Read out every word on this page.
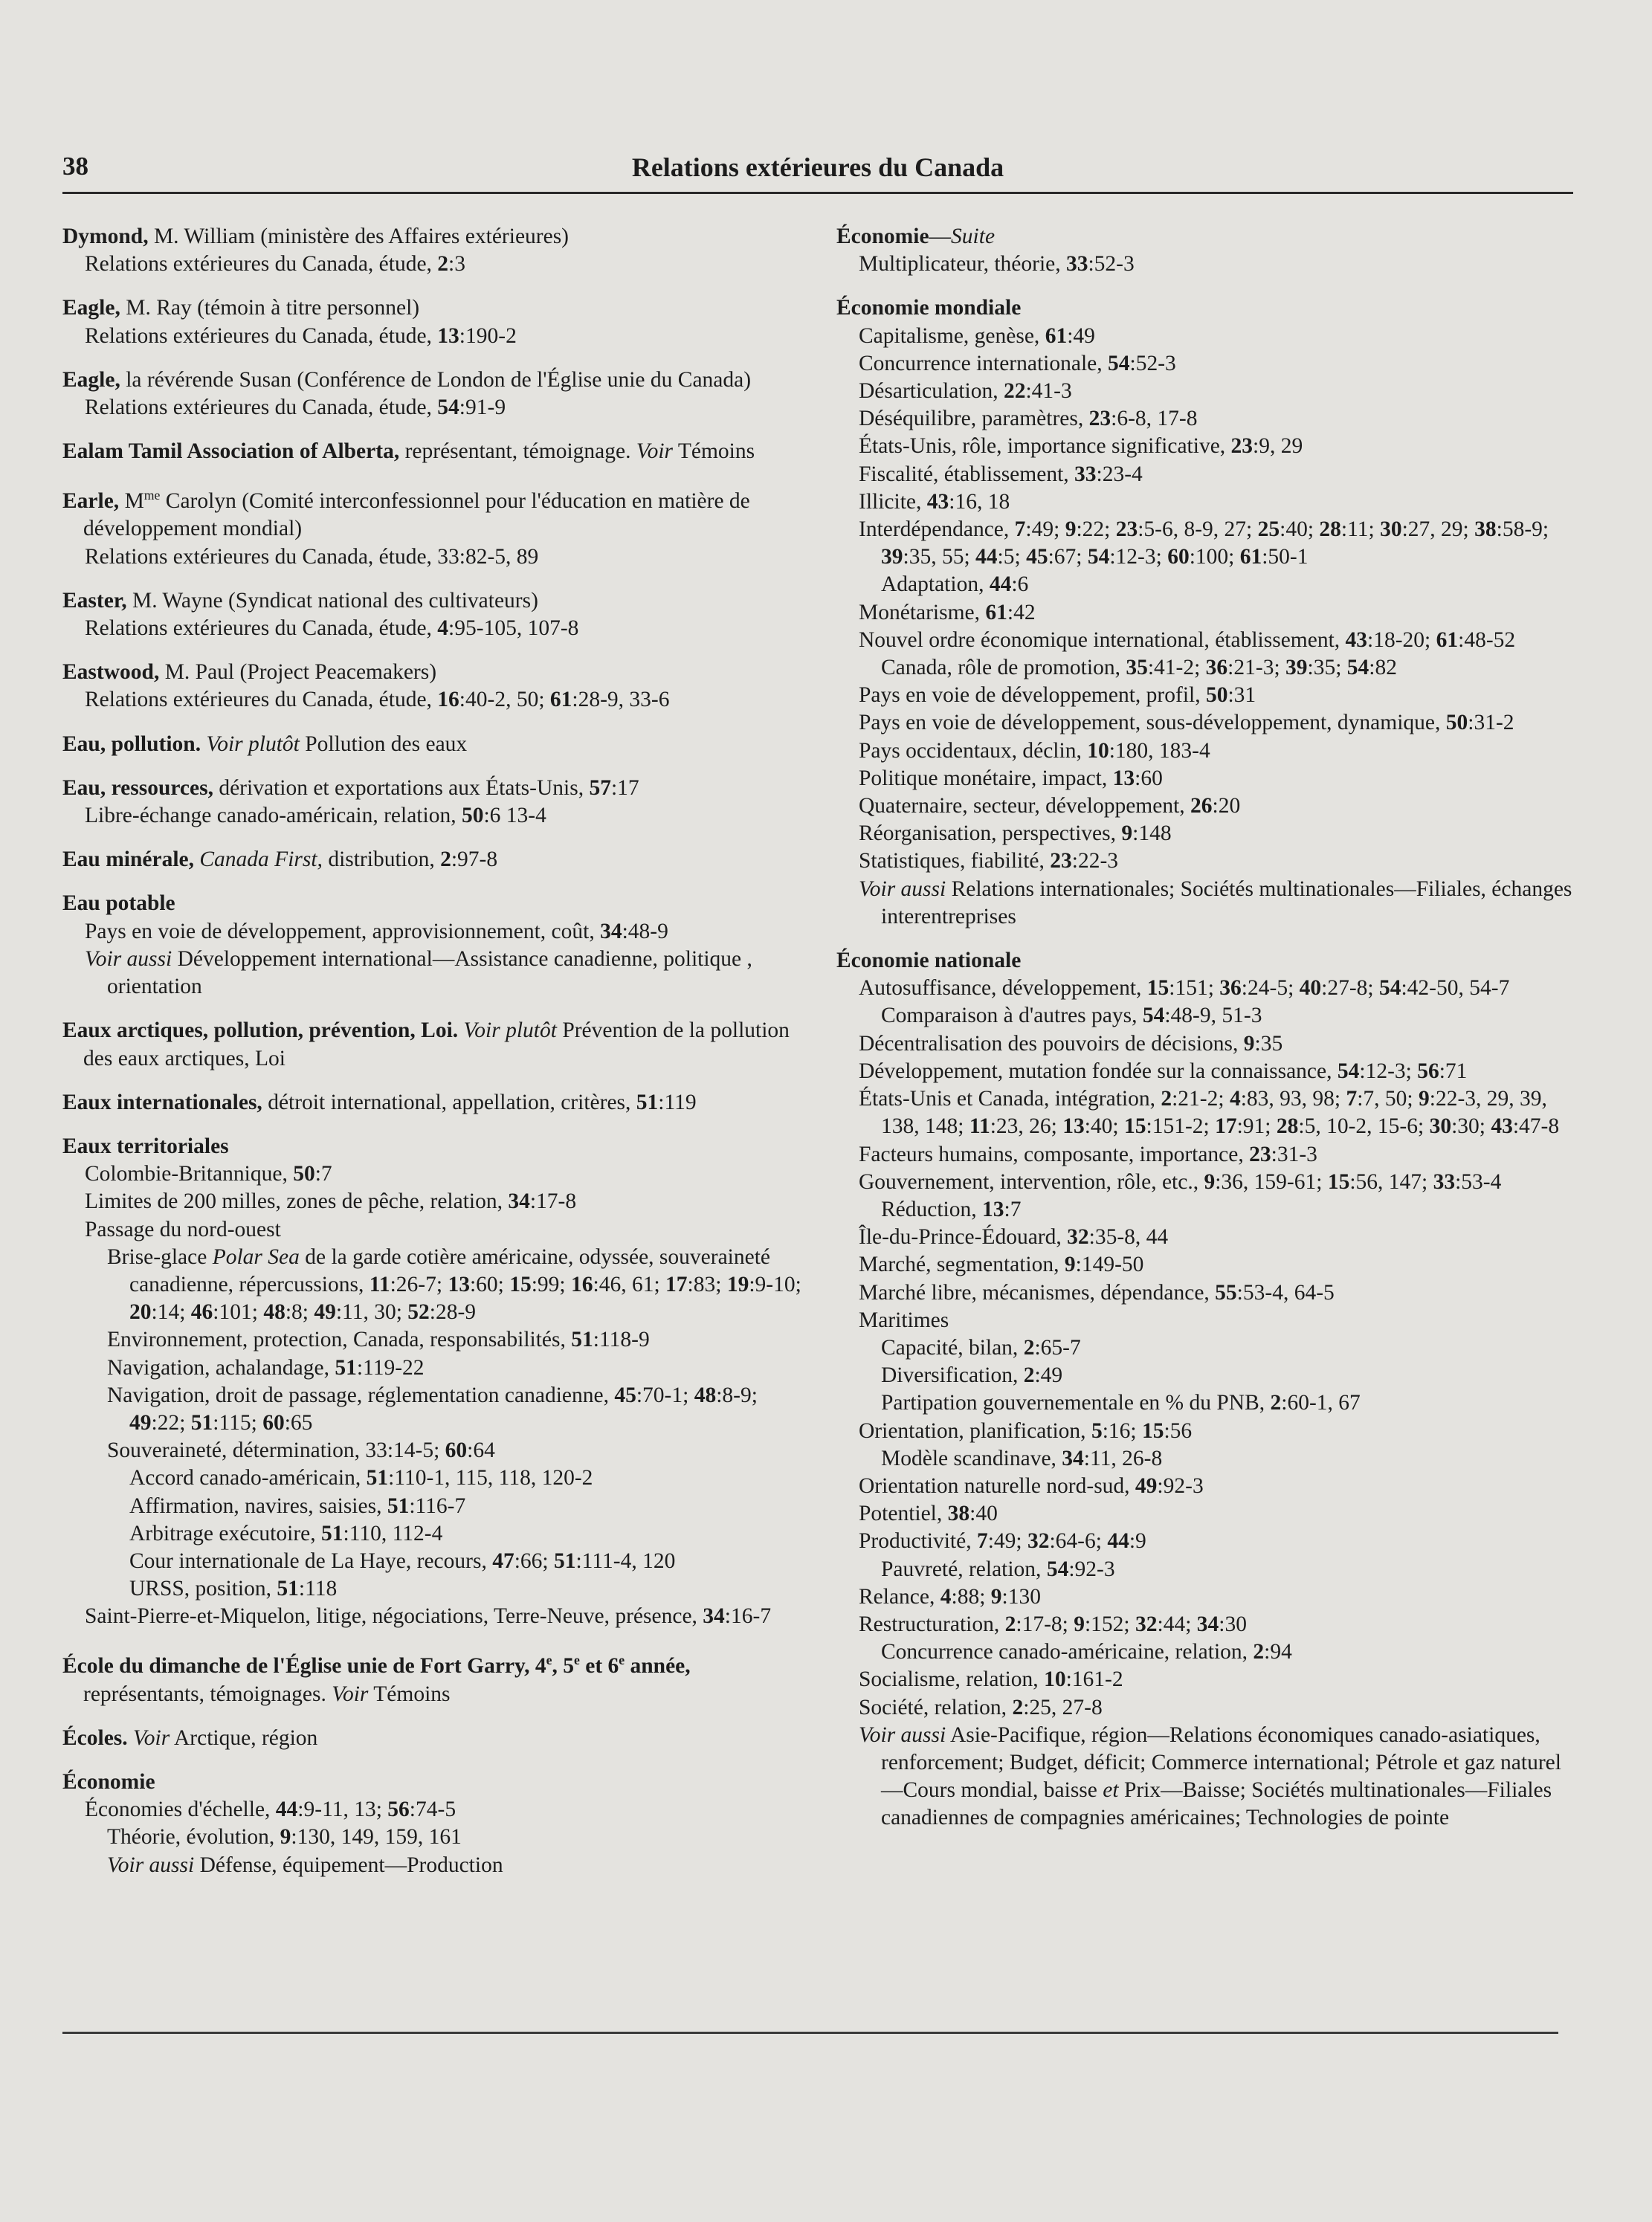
38	Relations extérieures du Canada
Dymond, M. William (ministère des Affaires extérieures)
Relations extérieures du Canada, étude, 2:3
Eagle, M. Ray (témoin à titre personnel)
Relations extérieures du Canada, étude, 13:190-2
Eagle, la révérende Susan (Conférence de London de l'Église unie du Canada)
Relations extérieures du Canada, étude, 54:91-9
Ealam Tamil Association of Alberta, représentant, témoignage. Voir Témoins
Earle, $M^{me}$ Carolyn (Comité interconfessionnel pour l'éducation en matière de développement mondial)
Relations extérieures du Canada, étude, 33:82-5, 89
Easter, M. Wayne (Syndicat national des cultivateurs)
Relations extérieures du Canada, étude, 4:95-105, 107-8
Eastwood, M. Paul (Project Peacemakers)
Relations extérieures du Canada, étude, 16:40-2, 50; 61:28-9, 33-6
Eau, pollution. Voir plutôt Pollution des eaux
Eau, ressources, dérivation et exportations aux États-Unis, 57:17
Libre-échange canado-américain, relation, 50:6 13-4
Eau minérale, Canada First, distribution, 2:97-8
Eau potable
Pays en voie de développement, approvisionnement, coût, 34:48-9
Voir aussi Développement international—Assistance canadienne, politique , orientation
Eaux arctiques, pollution, prévention, Loi. Voir plutôt Prévention de la pollution des eaux arctiques, Loi
Eaux internationales, détroit international, appellation, critères, 51:119
Eaux territoriales
Colombie-Britannique, 50:7
Limites de 200 milles, zones de pêche, relation, 34:17-8
Passage du nord-ouest
Brise-glace Polar Sea de la garde cotière américaine, odyssée, souveraineté canadienne, répercussions, 11:26-7; 13:60; 15:99; 16:46, 61; 17:83; 19:9-10; 20:14; 46:101; 48:8; 49:11, 30; 52:28-9
Environnement, protection, Canada, responsabilités, 51:118-9
Navigation, achalandage, 51:119-22
Navigation, droit de passage, réglementation canadienne, 45:70-1; 48:8-9; 49:22; 51:115; 60:65
Souveraineté, détermination, 33:14-5; 60:64
Accord canado-américain, 51:110-1, 115, 118, 120-2
Affirmation, navires, saisies, 51:116-7
Arbitrage exécutoire, 51:110, 112-4
Cour internationale de La Haye, recours, 47:66; 51:111-4, 120
URSS, position, 51:118
Saint-Pierre-et-Miquelon, litige, négociations, Terre-Neuve, présence, 34:16-7
École du dimanche de l'Église unie de Fort Garry, 4e, 5e et 6e année, représentants, témoignages. Voir Témoins
Écoles. Voir Arctique, région
Économie
Économies d'échelle, 44:9-11, 13; 56:74-5
Théorie, évolution, 9:130, 149, 159, 161
Voir aussi Défense, équipement—Production
Économie—Suite
Multiplicateur, théorie, 33:52-3
Économie mondiale
Capitalisme, genèse, 61:49
Concurrence internationale, 54:52-3
Désarticulation, 22:41-3
Déséquilibre, paramètres, 23:6-8, 17-8
États-Unis, rôle, importance significative, 23:9, 29
Fiscalité, établissement, 33:23-4
Illicite, 43:16, 18
Interdépendance, 7:49; 9:22; 23:5-6, 8-9, 27; 25:40; 28:11; 30:27, 29; 38:58-9; 39:35, 55; 44:5; 45:67; 54:12-3; 60:100; 61:50-1
Adaptation, 44:6
Monétarisme, 61:42
Nouvel ordre économique international, établissement, 43:18-20; 61:48-52
Canada, rôle de promotion, 35:41-2; 36:21-3; 39:35; 54:82
Pays en voie de développement, profil, 50:31
Pays en voie de développement, sous-développement, dynamique, 50:31-2
Pays occidentaux, déclin, 10:180, 183-4
Politique monétaire, impact, 13:60
Quaternaire, secteur, développement, 26:20
Réorganisation, perspectives, 9:148
Statistiques, fiabilité, 23:22-3
Voir aussi Relations internationales; Sociétés multinationales—Filiales, échanges interentreprises
Économie nationale
Autosuffisance, développement, 15:151; 36:24-5; 40:27-8; 54:42-50, 54-7
Comparaison à d'autres pays, 54:48-9, 51-3
Décentralisation des pouvoirs de décisions, 9:35
Développement, mutation fondée sur la connaissance, 54:12-3; 56:71
États-Unis et Canada, intégration, 2:21-2; 4:83, 93, 98; 7:7, 50; 9:22-3, 29, 39, 138, 148; 11:23, 26; 13:40; 15:151-2; 17:91; 28:5, 10-2, 15-6; 30:30; 43:47-8
Facteurs humains, composante, importance, 23:31-3
Gouvernement, intervention, rôle, etc., 9:36, 159-61; 15:56, 147; 33:53-4
Réduction, 13:7
Île-du-Prince-Édouard, 32:35-8, 44
Marché, segmentation, 9:149-50
Marché libre, mécanismes, dépendance, 55:53-4, 64-5
Maritimes
Capacité, bilan, 2:65-7
Diversification, 2:49
Partipation gouvernementale en % du PNB, 2:60-1, 67
Orientation, planification, 5:16; 15:56
Modèle scandinave, 34:11, 26-8
Orientation naturelle nord-sud, 49:92-3
Potentiel, 38:40
Productivité, 7:49; 32:64-6; 44:9
Pauvreté, relation, 54:92-3
Relance, 4:88; 9:130
Restructuration, 2:17-8; 9:152; 32:44; 34:30
Concurrence canado-américaine, relation, 2:94
Socialisme, relation, 10:161-2
Société, relation, 2:25, 27-8
Voir aussi Asie-Pacifique, région—Relations économiques canado-asiatiques, renforcement; Budget, déficit; Commerce international; Pétrole et gaz naturel—Cours mondial, baisse et Prix—Baisse; Sociétés multinationales—Filiales canadiennes de compagnies américaines; Technologies de pointe
